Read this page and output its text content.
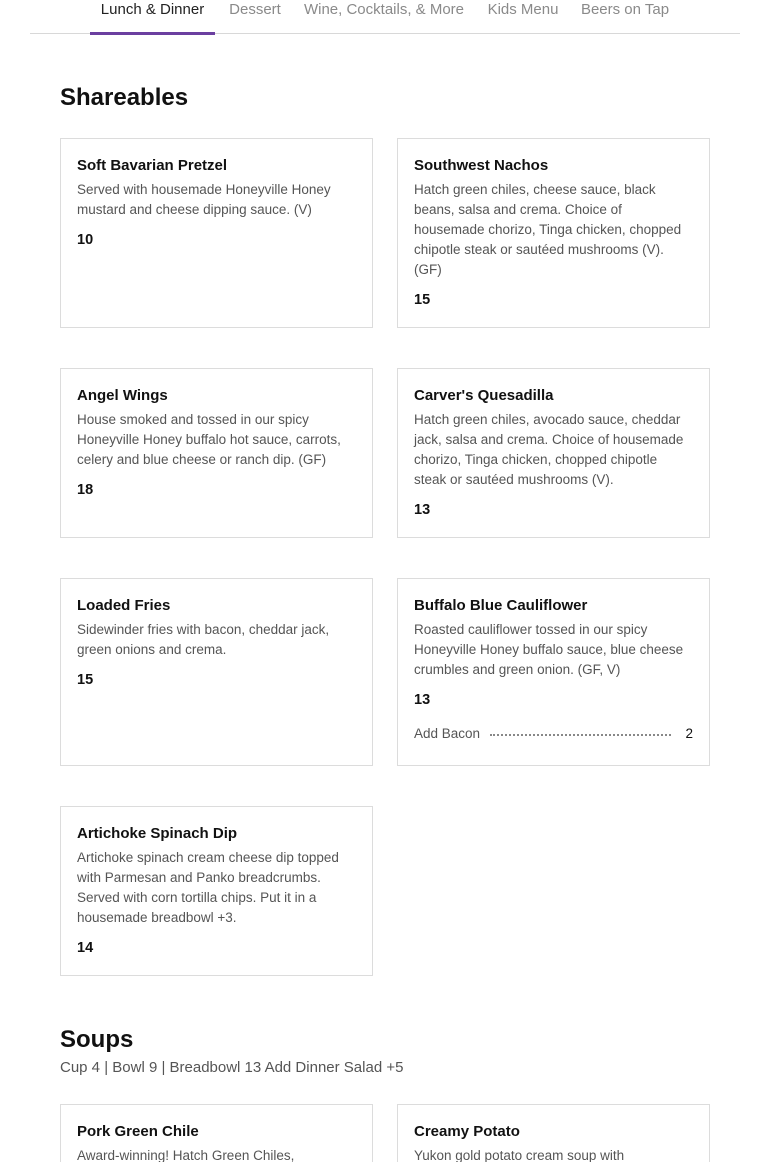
Lunch & Dinner	Dessert	Wine, Cocktails, & More Kids Menu Beers on Tap
Shareables
Soft Bavarian Pretzel
Served with housemade Honeyville Honey mustard and cheese dipping sauce. (V)
10
Southwest Nachos
Hatch green chiles, cheese sauce, black beans, salsa and crema. Choice of housemade chorizo, Tinga chicken, chopped chipotle steak or sautéed mushrooms (V). (GF)
15
Angel Wings
House smoked and tossed in our spicy Honeyville Honey buffalo hot sauce, carrots, celery and blue cheese or ranch dip. (GF)
18
Carver's Quesadilla
Hatch green chiles, avocado sauce, cheddar jack, salsa and crema. Choice of housemade chorizo, Tinga chicken, chopped chipotle steak or sautéed mushrooms (V).
13
Loaded Fries
Sidewinder fries with bacon, cheddar jack, green onions and crema.
15
Buffalo Blue Cauliflower
Roasted cauliflower tossed in our spicy Honeyville Honey buffalo sauce, blue cheese crumbles and green onion. (GF, V)
13
Add Bacon	2
Artichoke Spinach Dip
Artichoke spinach cream cheese dip topped with Parmesan and Panko breadcrumbs. Served with corn tortilla chips. Put it in a housemade breadbowl +3.
14
Soups
Cup 4 | Bowl 9 | Breadbowl 13 Add Dinner Salad +5
Pork Green Chile
Award-winning! Hatch Green Chiles,
Creamy Potato
Yukon gold potato cream soup with
